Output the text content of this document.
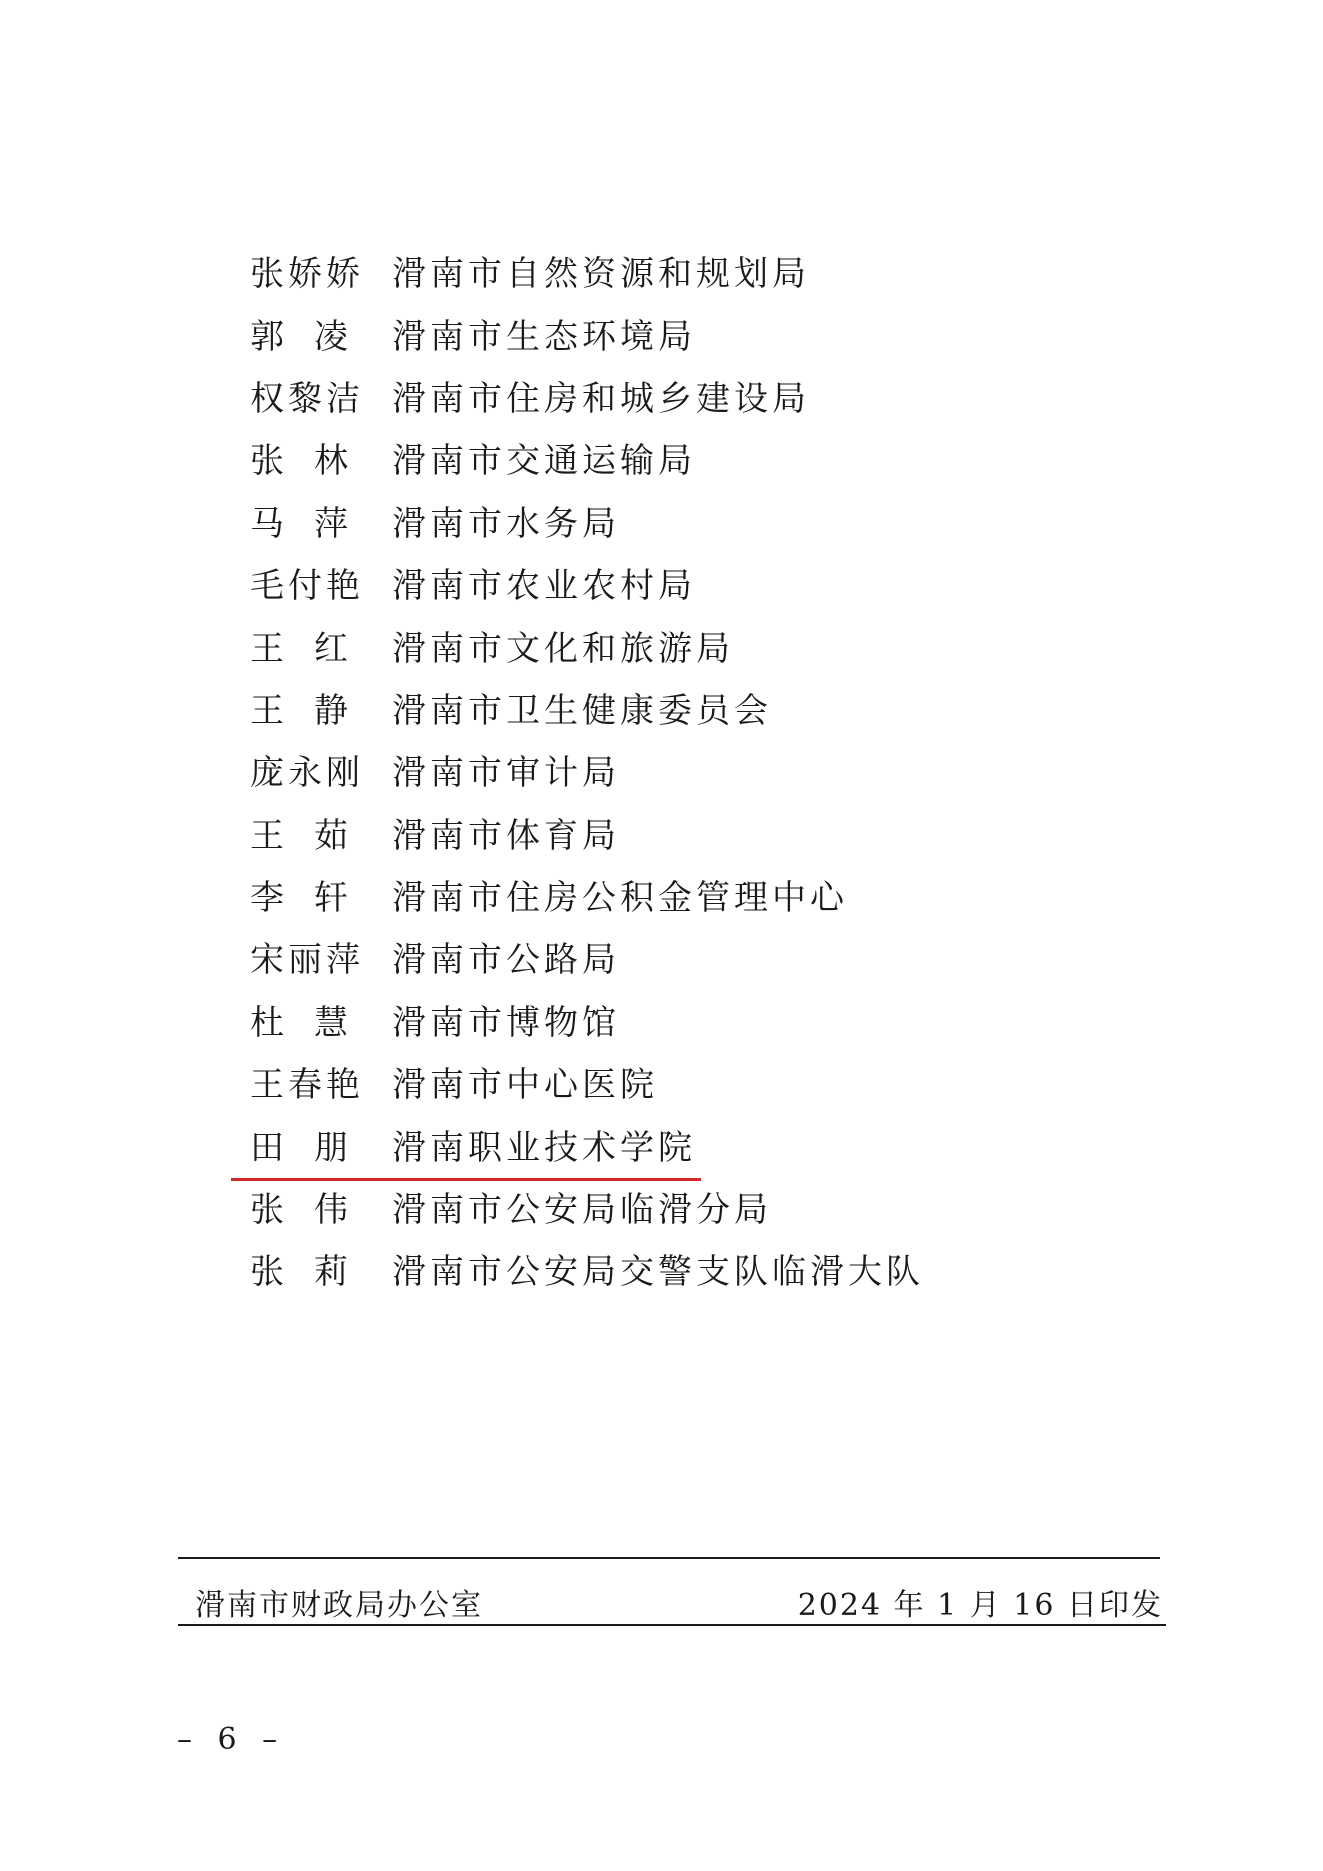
张娇娇 滑南市自然资源和规划局
郭 凌 滑南市生态环境局
权黎洁 滑南市住房和城乡建设局
张 林 滑南市交通运输局
马 萍 滑南市水务局
毛付艳 滑南市农业农村局
王 红 滑南市文化和旅游局
王 静 滑南市卫生健康委员会
庞永刚 滑南市审计局
王 茹 滑南市体育局
李 轩 滑南市住房公积金管理中心
宋丽萍 滑南市公路局
杜 慧 滑南市博物馆
王春艳 滑南市中心医院
田 朋 滑南职业技术学院
张 伟 滑南市公安局临滑分局
张 莉 滑南市公安局交警支队临滑大队
滑南市财政局办公室	2024 年 1 月 16 日印发
– 6 –
